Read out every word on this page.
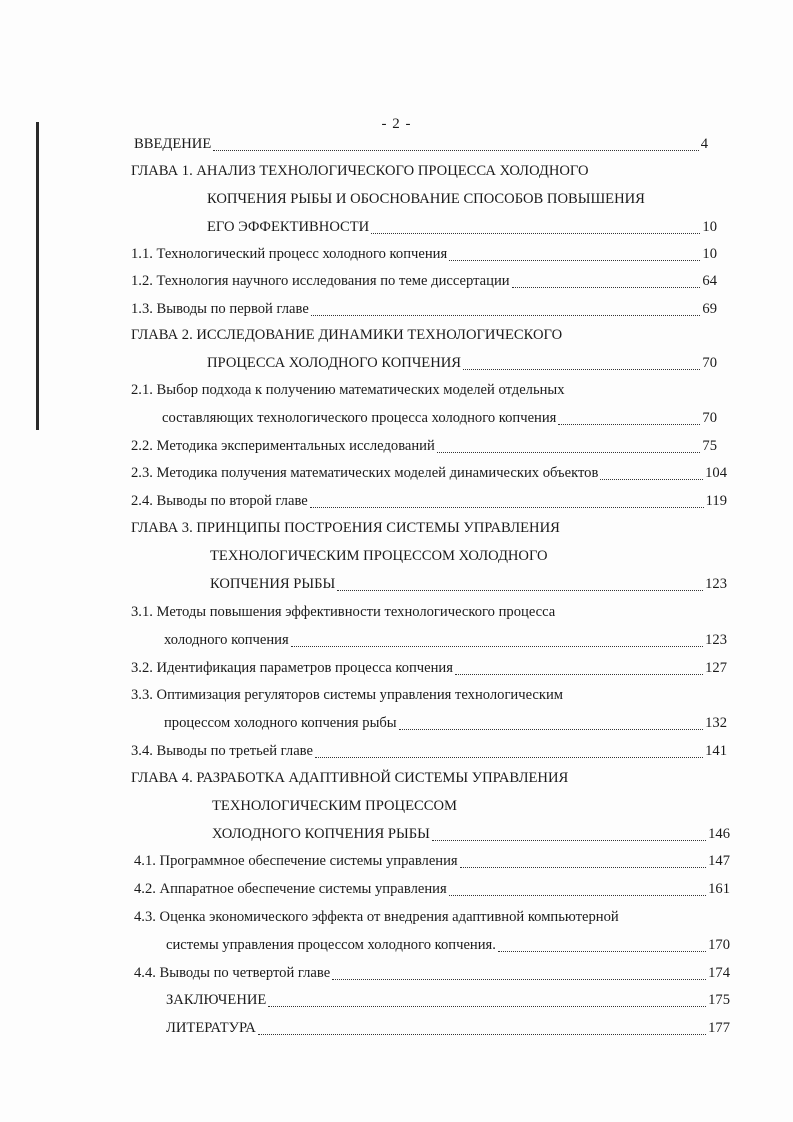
- 2 -
ВВЕДЕНИЕ	4
ГЛАВА 1. АНАЛИЗ ТЕХНОЛОГИЧЕСКОГО ПРОЦЕССА ХОЛОДНОГО
КОПЧЕНИЯ РЫБЫ И ОБОСНОВАНИЕ СПОСОБОВ ПОВЫШЕНИЯ
ЕГО ЭФФЕКТИВНОСТИ	10
1.1. Технологический процесс холодного копчения	10
1.2. Технология научного исследования по теме диссертации	64
1.3. Выводы по первой главе	69
ГЛАВА 2. ИССЛЕДОВАНИЕ ДИНАМИКИ ТЕХНОЛОГИЧЕСКОГО
ПРОЦЕССА ХОЛОДНОГО КОПЧЕНИЯ	70
2.1. Выбор подхода к получению математических моделей отдельных
составляющих технологического процесса холодного копчения	70
2.2. Методика экспериментальных исследований	75
2.3. Методика получения математических моделей динамических объектов	104
2.4. Выводы по второй главе	119
ГЛАВА 3. ПРИНЦИПЫ ПОСТРОЕНИЯ СИСТЕМЫ УПРАВЛЕНИЯ
ТЕХНОЛОГИЧЕСКИМ ПРОЦЕССОМ ХОЛОДНОГО
КОПЧЕНИЯ РЫБЫ	123
3.1. Методы повышения эффективности технологического процесса
холодного копчения	123
3.2. Идентификация параметров процесса копчения	127
3.3. Оптимизация регуляторов системы управления технологическим
процессом холодного копчения рыбы	132
3.4. Выводы по третьей главе	141
ГЛАВА 4. РАЗРАБОТКА АДАПТИВНОЙ СИСТЕМЫ УПРАВЛЕНИЯ
ТЕХНОЛОГИЧЕСКИМ ПРОЦЕССОМ
ХОЛОДНОГО КОПЧЕНИЯ РЫБЫ	146
4.1. Программное обеспечение системы управления	147
4.2. Аппаратное обеспечение системы управления	161
4.3. Оценка экономического эффекта от внедрения адаптивной компьютерной
системы управления процессом холодного копчения.	170
4.4. Выводы по четвертой главе	174
ЗАКЛЮЧЕНИЕ	175
ЛИТЕРАТУРА	177
